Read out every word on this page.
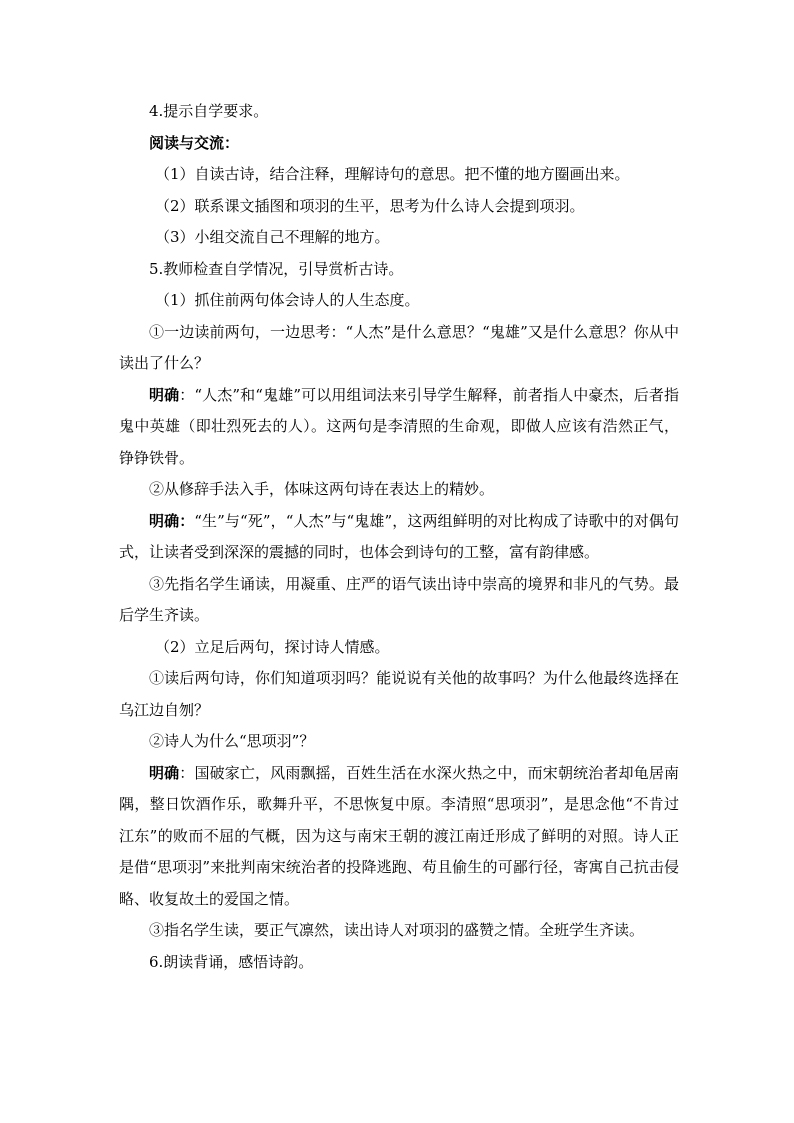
4.提示自学要求。

阅读与交流：

（1）自读古诗，结合注释，理解诗句的意思。把不懂的地方圈画出来。

（2）联系课文插图和项羽的生平，思考为什么诗人会提到项羽。

（3）小组交流自己不理解的地方。

5.教师检查自学情况，引导赏析古诗。

（1）抓住前两句体会诗人的人生态度。

①一边读前两句，一边思考：“人杰”是什么意思？“鬼雄”又是什么意思？你从中读出了什么？

明确：“人杰”和“鬼雄”可以用组词法来引导学生解释，前者指人中豪杰，后者指鬼中英雄（即壮烈死去的人）。这两句是李清照的生命观，即做人应该有浩然正气，铮铮铁骨。

②从修辞手法入手，体味这两句诗在表达上的精妙。

明确：“生”与“死”，“人杰”与“鬼雄”，这两组鲜明的对比构成了诗歌中的对偶句式，让读者受到深深的震撼的同时，也体会到诗句的工整，富有韵律感。

③先指名学生诵读，用凝重、庄严的语气读出诗中崇高的境界和非凡的气势。最后学生齐读。

（2）立足后两句，探讨诗人情感。

①读后两句诗，你们知道项羽吗？能说说有关他的故事吗？为什么他最终选择在乌江边自刎？

②诗人为什么“思项羽”？

明确：国破家亡，风雨飘摇，百姓生活在水深火热之中，而宋朝统治者却龟居南隅，整日饮酒作乐，歌舞升平，不思恢复中原。李清照“思项羽”，是思念他“不肯过江东”的败而不屈的气概，因为这与南宋王朝的渡江南迁形成了鲜明的对照。诗人正是借“思项羽”来批判南宋统治者的投降逃跑、苟且偷生的可鄙行径，寄寓自己抗击侵略、收复故土的爱国之情。

③指名学生读，要正气凛然，读出诗人对项羽的盛赞之情。全班学生齐读。

6.朗读背诵，感悟诗韵。
